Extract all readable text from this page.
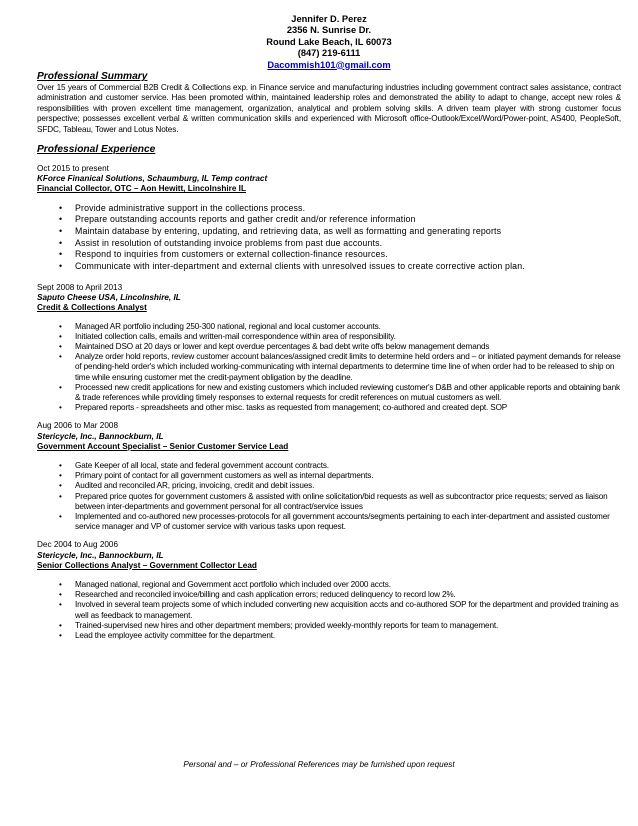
Jennifer D. Perez
2356 N. Sunrise Dr.
Round Lake Beach, IL 60073
(847) 219-6111
Dacommish101@gmail.com

Professional Summary

Over 15 years of Commercial B2B Credit & Collections exp. in Finance service and manufacturing industries including government contract sales assistance, contract administration and customer service. Has been promoted within, maintained leadership roles and demonstrated the ability to adapt to change, accept new roles & responsibilities with proven excellent time management, organization, analytical and problem solving skills. A driven team player with strong customer focus perspective; possesses excellent verbal & written communication skills and experienced with Microsoft office-Outlook/Excel/Word/Power-point, AS400, PeopleSoft, SFDC, Tableau, Tower and Lotus Notes.

Professional Experience

Oct 2015 to present

KForce Finanical Solutions, Schaumburg, IL Temp contract

Financial Collector, OTC – Aon Hewitt, Lincolnshire IL

• Provide administrative support in the collections process.
• Prepare outstanding accounts reports and gather credit and/or reference information
• Maintain database by entering, updating, and retrieving data, as well as formatting and generating reports
• Assist in resolution of outstanding invoice problems from past due accounts.
• Respond to inquiries from customers or external collection-finance resources.
• Communicate with inter-department and external clients with unresolved issues to create corrective action plan.

Sept 2008 to April 2013

Saputo Cheese USA, Lincolnshire, IL

Credit & Collections Analyst

• Managed AR portfolio including 250-300 national, regional and local customer accounts.
• Initiated collection calls, emails and written-mail correspondence within area of responsibility.
• Maintained DSO at 20 days or lower and kept overdue percentages & bad debt write offs below management demands
• Analyze order hold reports, review customer account balances/assigned credit limits to determine held orders and – or initiated payment demands for release of pending-held order's which included working-communicating with internal departments to determine time line of when order had to be released to ship on time while ensuring customer met the credit-payment obligation by the deadline.
• Processed new credit applications for new and existing customers which included reviewing customer's D&B and other applicable reports and obtaining bank & trade references while providing timely responses to external requests for credit references on mutual customers as well.
• Prepared reports - spreadsheets and other misc. tasks as requested from management; co-authored and created dept. SOP

Aug 2006 to Mar 2008

Stericycle, Inc., Bannockburn, IL

Government Account Specialist – Senior Customer Service Lead

• Gate Keeper of all local, state and federal government account contracts.
• Primary point of contact for all government customers as well as internal departments.
• Audited and reconciled AR, pricing, invoicing, credit and debit issues.
• Prepared price quotes for government customers & assisted with online solicitation/bid requests as well as subcontractor price requests; served as liaison between inter-departments and government personal for all contract/service issues
• Implemented and co-authored new processes-protocols for all government accounts/segments pertaining to each inter-department and assisted customer service manager and VP of customer service with various tasks upon request.

Dec 2004 to Aug 2006

Stericycle, Inc., Bannockburn, IL

Senior Collections Analyst – Government Collector Lead

• Managed national, regional and Government acct portfolio which included over 2000 accts.
• Researched and reconciled invoice/billing and cash application errors; reduced delinquency to record low 2%.
• Involved in several team projects some of which included converting new acquisition accts and co-authored SOP for the department and provided training as well as feedback to management.
• Trained-supervised new hires and other department members; provided weekly-monthly reports for team to management.
• Lead the employee activity committee for the department.
Personal and – or Professional References may be furnished upon request
